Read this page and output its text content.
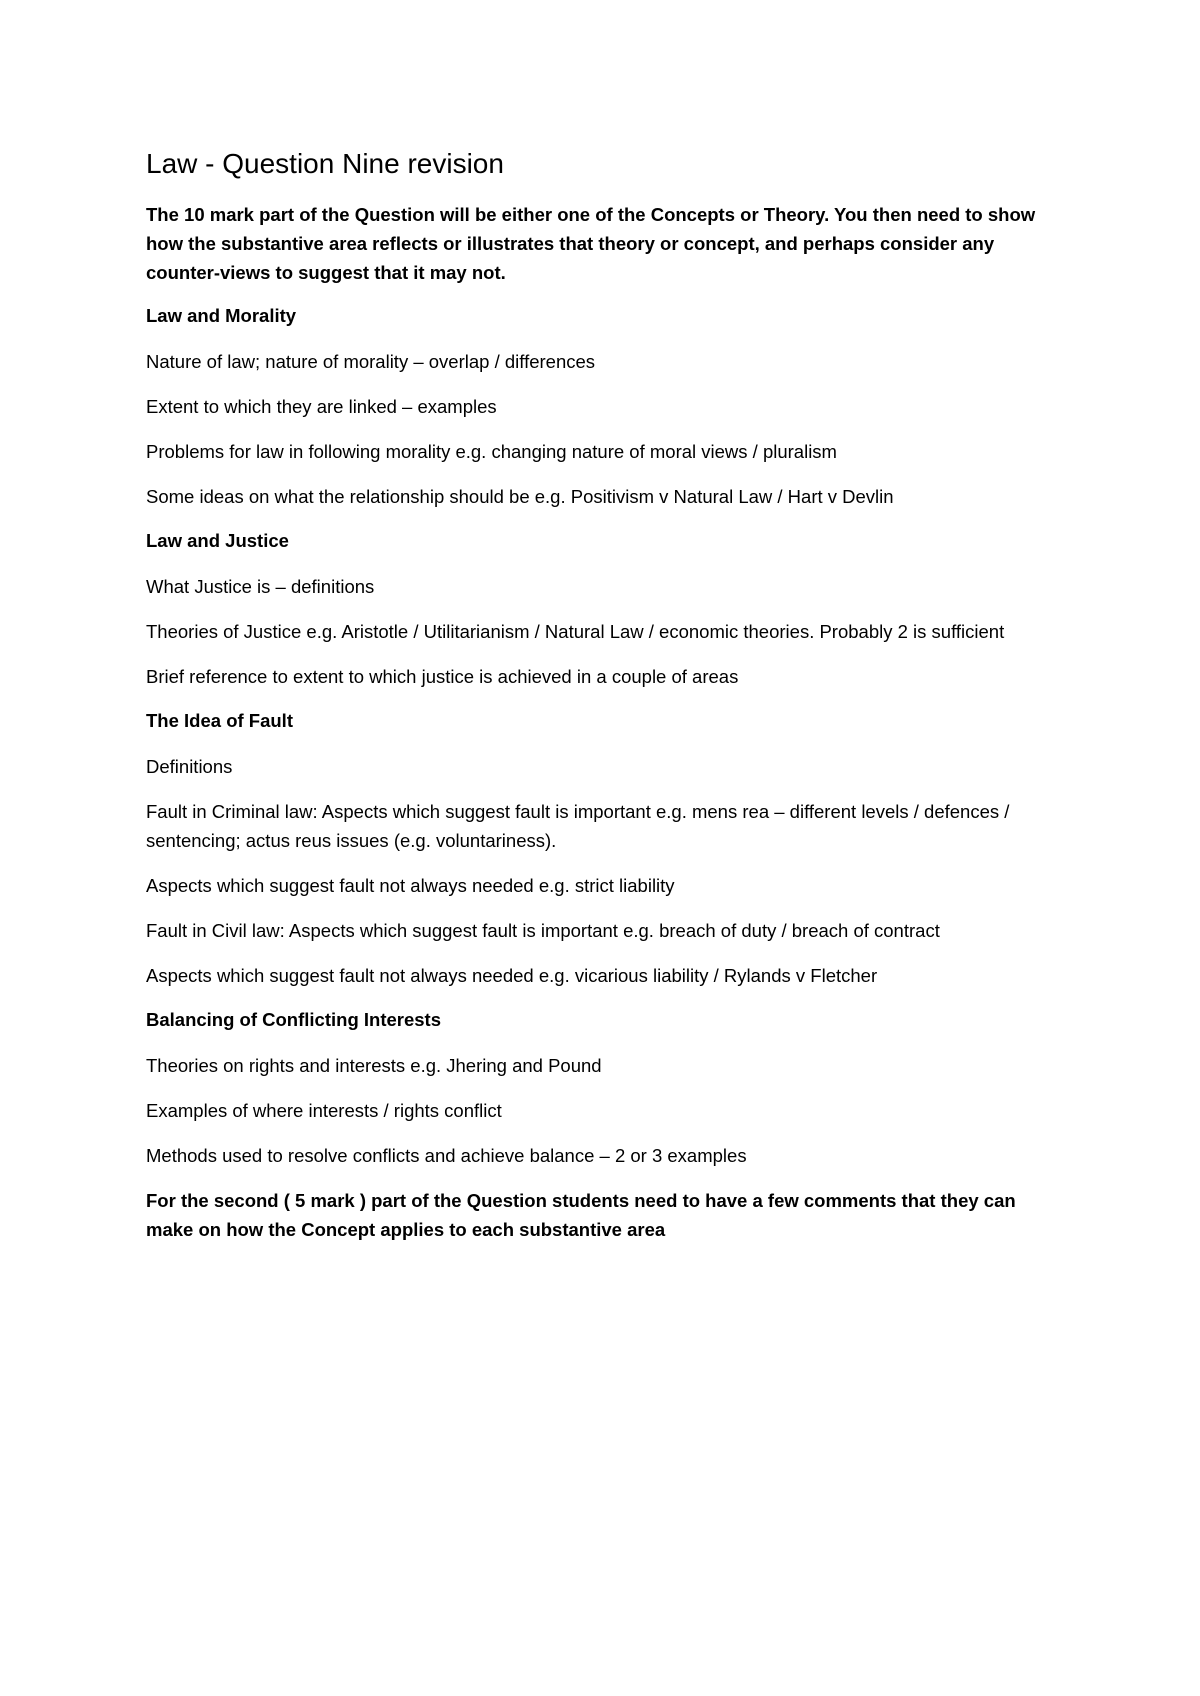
Law - Question Nine revision

The 10 mark part of the Question will be either one of the Concepts or Theory. You then need to show how the substantive area reflects or illustrates that theory or concept, and perhaps consider any counter-views to suggest that it may not.

Law and Morality

Nature of law; nature of morality – overlap / differences

Extent to which they are linked – examples

Problems for law in following morality e.g. changing nature of moral views / pluralism

Some ideas on what the relationship should be e.g. Positivism v Natural Law / Hart v Devlin

Law and Justice

What Justice is – definitions

Theories of Justice e.g. Aristotle / Utilitarianism / Natural Law / economic theories. Probably 2 is sufficient

Brief reference to extent to which justice is achieved in a couple of areas

The Idea of Fault

Definitions

Fault in Criminal law: Aspects which suggest fault is important e.g. mens rea – different levels / defences / sentencing; actus reus issues (e.g. voluntariness).

Aspects which suggest fault not always needed e.g. strict liability

Fault in Civil law: Aspects which suggest fault is important e.g. breach of duty / breach of contract

Aspects which suggest fault not always needed e.g. vicarious liability / Rylands v Fletcher

Balancing of Conflicting Interests

Theories on rights and interests e.g. Jhering and Pound

Examples of where interests / rights conflict

Methods used to resolve conflicts and achieve balance – 2 or 3 examples

For the second ( 5 mark ) part of the Question students need to have a few comments that they can make on how the Concept applies to each substantive area
